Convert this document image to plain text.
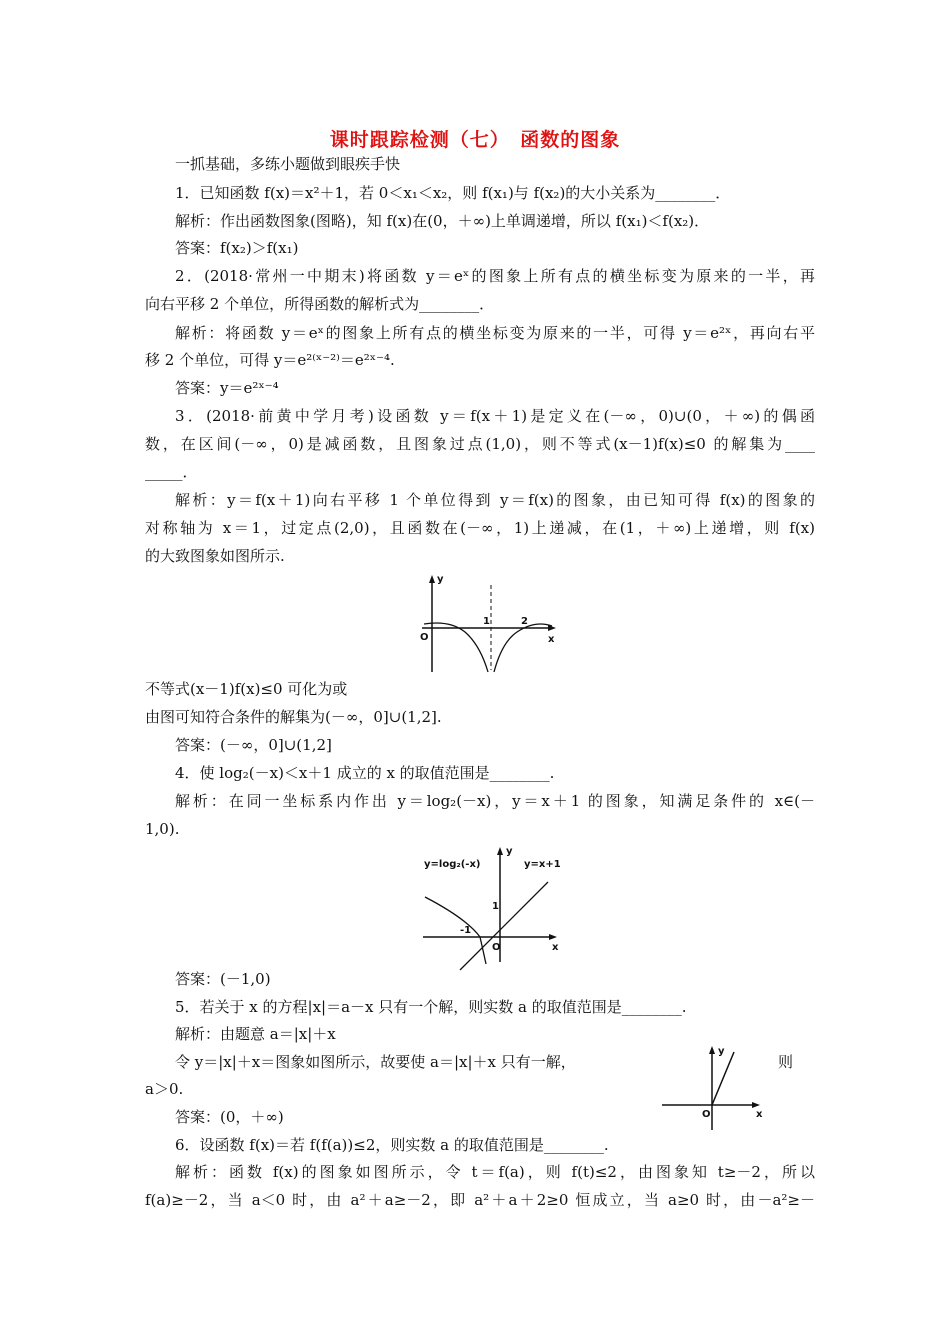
课时跟踪检测（七）　函数的图象
一抓基础，多练小题做到眼疾手快
1．已知函数 f(x)＝x²＋1，若 0＜x₁＜x₂，则 f(x₁)与 f(x₂)的大小关系为________．
解析：作出函数图象(图略)，知 f(x)在(0，＋∞)上单调递增，所以 f(x₁)＜f(x₂)．
答案：f(x₂)＞f(x₁)
2．(2018·常州一中期末)将函数 y＝eˣ的图象上所有点的横坐标变为原来的一半，再
向右平移 2 个单位，所得函数的解析式为________．
解析：将函数 y＝eˣ的图象上所有点的横坐标变为原来的一半，可得 y＝e²ˣ，再向右平
移 2 个单位，可得 y＝e²⁽ˣ⁻²⁾＝e²ˣ⁻⁴.
答案：y＝e²ˣ⁻⁴
3．(2018·前黄中学月考)设函数 y＝f(x＋1)是定义在(－∞，0)∪(0，＋∞)的偶函
数，在区间(－∞，0)是减函数，且图象过点(1,0)，则不等式(x－1)f(x)≤0 的解集为____
_____．
解析：y＝f(x＋1)向右平移 1 个单位得到 y＝f(x)的图象，由已知可得 f(x)的图象的
对称轴为 x＝1，过定点(2,0)，且函数在(－∞，1)上递减，在(1，＋∞)上递增，则 f(x)
的大致图象如图所示.
y
x
O
1	2
不等式(x－1)f(x)≤0 可化为或
由图可知符合条件的解集为(－∞，0]∪(1,2].
答案：(－∞，0]∪(1,2]
4．使 log₂(－x)＜x＋1 成立的 x 的取值范围是________.
解析：在同一坐标系内作出 y＝log₂(－x)，y＝x＋1 的图象，知满足条件的 x∈(－
1,0).
y=log₂(-x)	y=x+1
y
x
O
1
-1
答案：(－1,0)
5．若关于 x 的方程|x|＝a－x 只有一个解，则实数 a 的取值范围是________.
解析：由题意 a＝|x|＋x
令 y＝|x|＋x＝图象如图所示，故要使 a＝|x|＋x 只有一解，	则
a＞0.
y
x
O
答案：(0，＋∞)
6．设函数 f(x)＝若 f(f(a))≤2，则实数 a 的取值范围是________.
解析：函数 f(x)的图象如图所示，令 t＝f(a)，则 f(t)≤2，由图象知 t≥－2，所以
f(a)≥－2，当 a＜0 时，由 a²＋a≥－2，即 a²＋a＋2≥0 恒成立，当 a≥0 时，由－a²≥－
